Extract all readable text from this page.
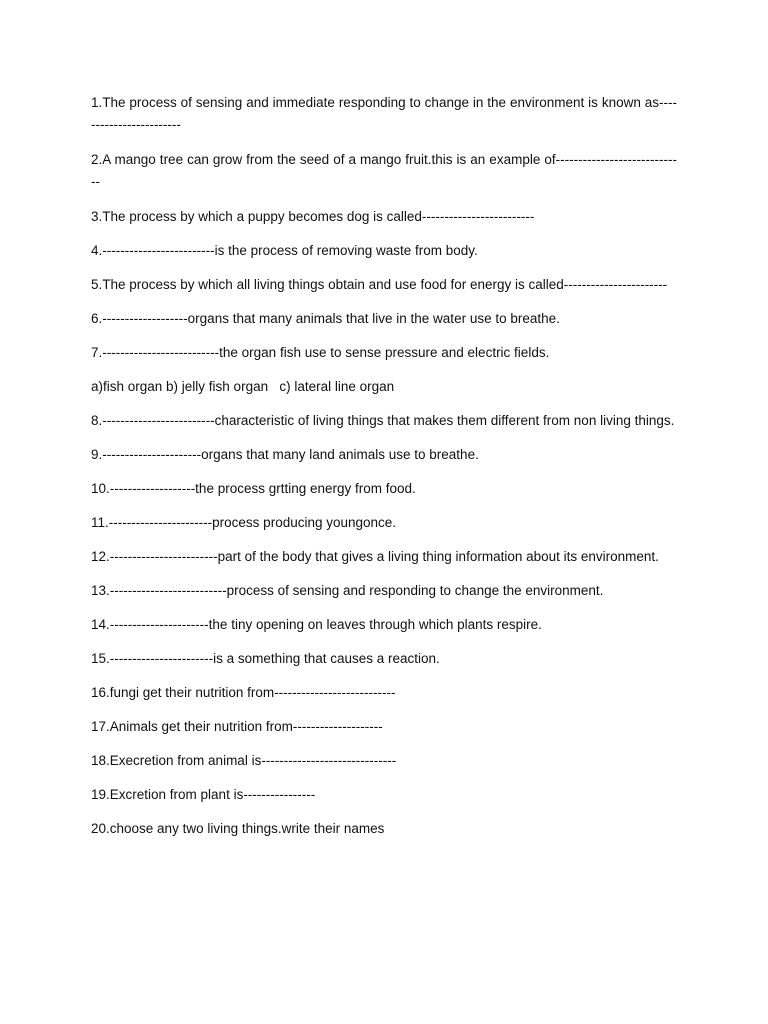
1.The process of sensing and immediate responding to change in the environment is known as------------------------

2.A mango tree can grow from the seed of a mango fruit.this is an example of-----------------------------

3.The process by which a puppy becomes dog is called-------------------------

4.-------------------------is the process of removing waste from body.

5.The process by which all living things obtain and use food for energy is called-----------------------

6.-------------------organs that many animals that live in the water use to breathe.

7.--------------------------the organ fish use to sense pressure and electric fields.

a)fish organ b) jelly fish organ   c) lateral line organ

8.-------------------------characteristic of living things that makes them different from non living things.

9.----------------------organs that many land animals use to breathe.

10.-------------------the process grtting energy from food.

11.-----------------------process producing youngonce.

12.------------------------part of the body that gives a living thing information about its environment.

13.--------------------------process of sensing and responding to change the environment.

14.----------------------the tiny opening on leaves through which plants respire.

15.-----------------------is a something that causes a reaction.

16.fungi get their nutrition from---------------------------

17.Animals get their nutrition from--------------------

18.Execretion from animal is------------------------------

19.Excretion from plant is----------------

20.choose any two living things.write their names
